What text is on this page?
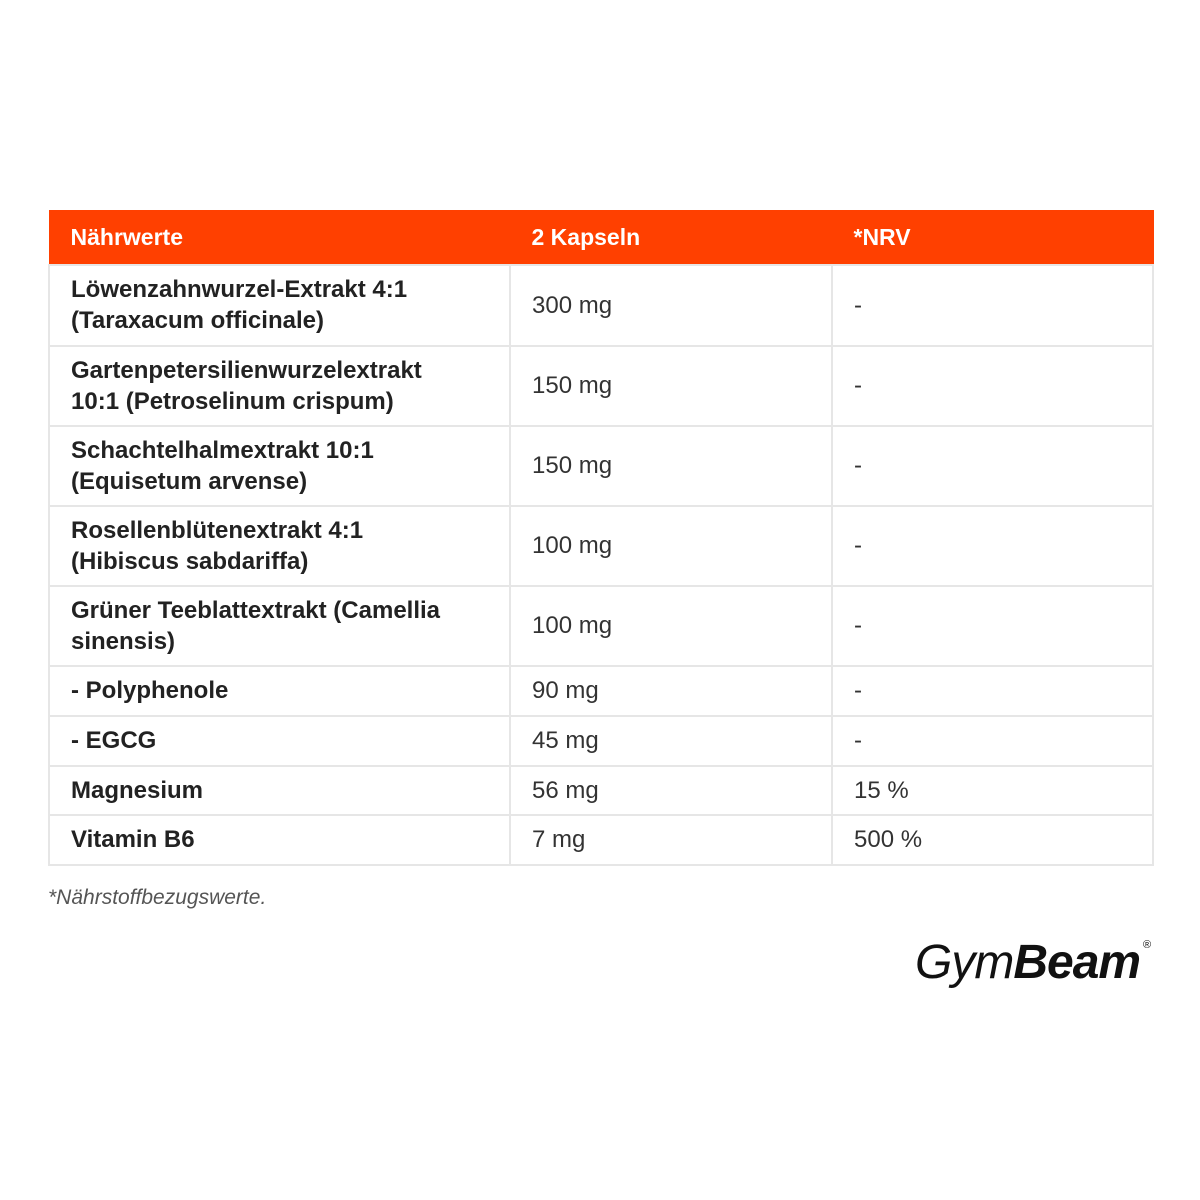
Nährwerte	2 Kapseln	*NRV
Löwenzahnwurzel-Extrakt 4:1
(Taraxacum officinale)	300 mg	-
Gartenpetersilienwurzelextrakt
10:1 (Petroselinum crispum)	150 mg	-
Schachtelhalmextrakt 10:1
(Equisetum arvense)	150 mg	-
Rosellenblütenextrakt 4:1
(Hibiscus sabdariffa)	100 mg	-
Grüner Teeblattextrakt (Camellia
sinensis)	100 mg	-
- Polyphenole	90 mg	-
- EGCG	45 mg	-
Magnesium	56 mg	15 %
Vitamin B6	7 mg	500 %
*Nährstoffbezugswerte.
GymBeam ®
